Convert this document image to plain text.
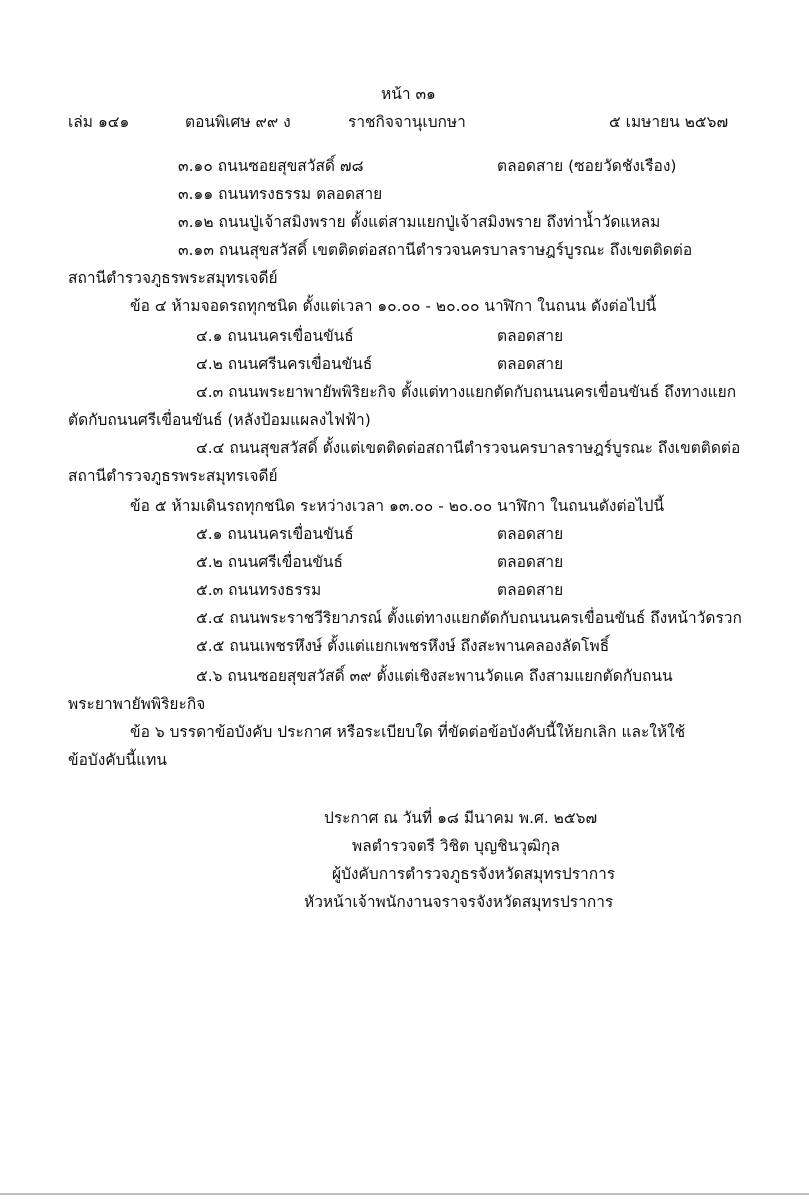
หน้า ๓๑
เล่ม ๑๔๑	ตอนพิเศษ ๙๙ ง	ราชกิจจานุเบกษา	๕ เมษายน ๒๕๖๗
๓.๑๐ ถนนซอยสุขสวัสดิ์ ๗๘	ตลอดสาย (ซอยวัดชังเรือง)
๓.๑๑ ถนนทรงธรรม ตลอดสาย
๓.๑๒ ถนนปู่เจ้าสมิงพราย ตั้งแต่สามแยกปู่เจ้าสมิงพราย ถึงท่าน้ำวัดแหลม
๓.๑๓ ถนนสุขสวัสดิ์ เขตติดต่อสถานีตำรวจนครบาลราษฎร์บูรณะ ถึงเขตติดต่อ
สถานีตำรวจภูธรพระสมุทรเจดีย์
ข้อ ๔ ห้ามจอดรถทุกชนิด ตั้งแต่เวลา ๑๐.๐๐ - ๒๐.๐๐ นาฬิกา ในถนน ดังต่อไปนี้
๔.๑ ถนนนครเขื่อนขันธ์	ตลอดสาย
๔.๒ ถนนศรีนครเขื่อนขันธ์	ตลอดสาย
๔.๓ ถนนพระยาพายัพพิริยะกิจ ตั้งแต่ทางแยกตัดกับถนนนครเขื่อนขันธ์ ถึงทางแยก
ตัดกับถนนศรีเขื่อนขันธ์ (หลังป้อมแผลงไฟฟ้า)
๔.๔ ถนนสุขสวัสดิ์ ตั้งแต่เขตติดต่อสถานีตำรวจนครบาลราษฎร์บูรณะ ถึงเขตติดต่อ
สถานีตำรวจภูธรพระสมุทรเจดีย์
ข้อ ๕ ห้ามเดินรถทุกชนิด ระหว่างเวลา ๑๓.๐๐ - ๒๐.๐๐ นาฬิกา ในถนนดังต่อไปนี้
๕.๑ ถนนนครเขื่อนขันธ์	ตลอดสาย
๕.๒ ถนนศรีเขื่อนขันธ์	ตลอดสาย
๕.๓ ถนนทรงธรรม	ตลอดสาย
๕.๔ ถนนพระราชวีริยาภรณ์ ตั้งแต่ทางแยกตัดกับถนนนครเขื่อนขันธ์ ถึงหน้าวัดรวก
๕.๕ ถนนเพชรหึงษ์ ตั้งแต่แยกเพชรหึงษ์ ถึงสะพานคลองลัดโพธิ์
๕.๖ ถนนซอยสุขสวัสดิ์ ๓๙ ตั้งแต่เชิงสะพานวัดแค ถึงสามแยกตัดกับถนน
พระยาพายัพพิริยะกิจ
ข้อ ๖ บรรดาข้อบังคับ ประกาศ หรือระเบียบใด ที่ขัดต่อข้อบังคับนี้ให้ยกเลิก และให้ใช้
ข้อบังคับนี้แทน
ประกาศ ณ วันที่ ๑๘ มีนาคม พ.ศ. ๒๕๖๗
พลตำรวจตรี วิชิต บุญชินวุฒิกุล
ผู้บังคับการตำรวจภูธรจังหวัดสมุทรปราการ
หัวหน้าเจ้าพนักงานจราจรจังหวัดสมุทรปราการ
